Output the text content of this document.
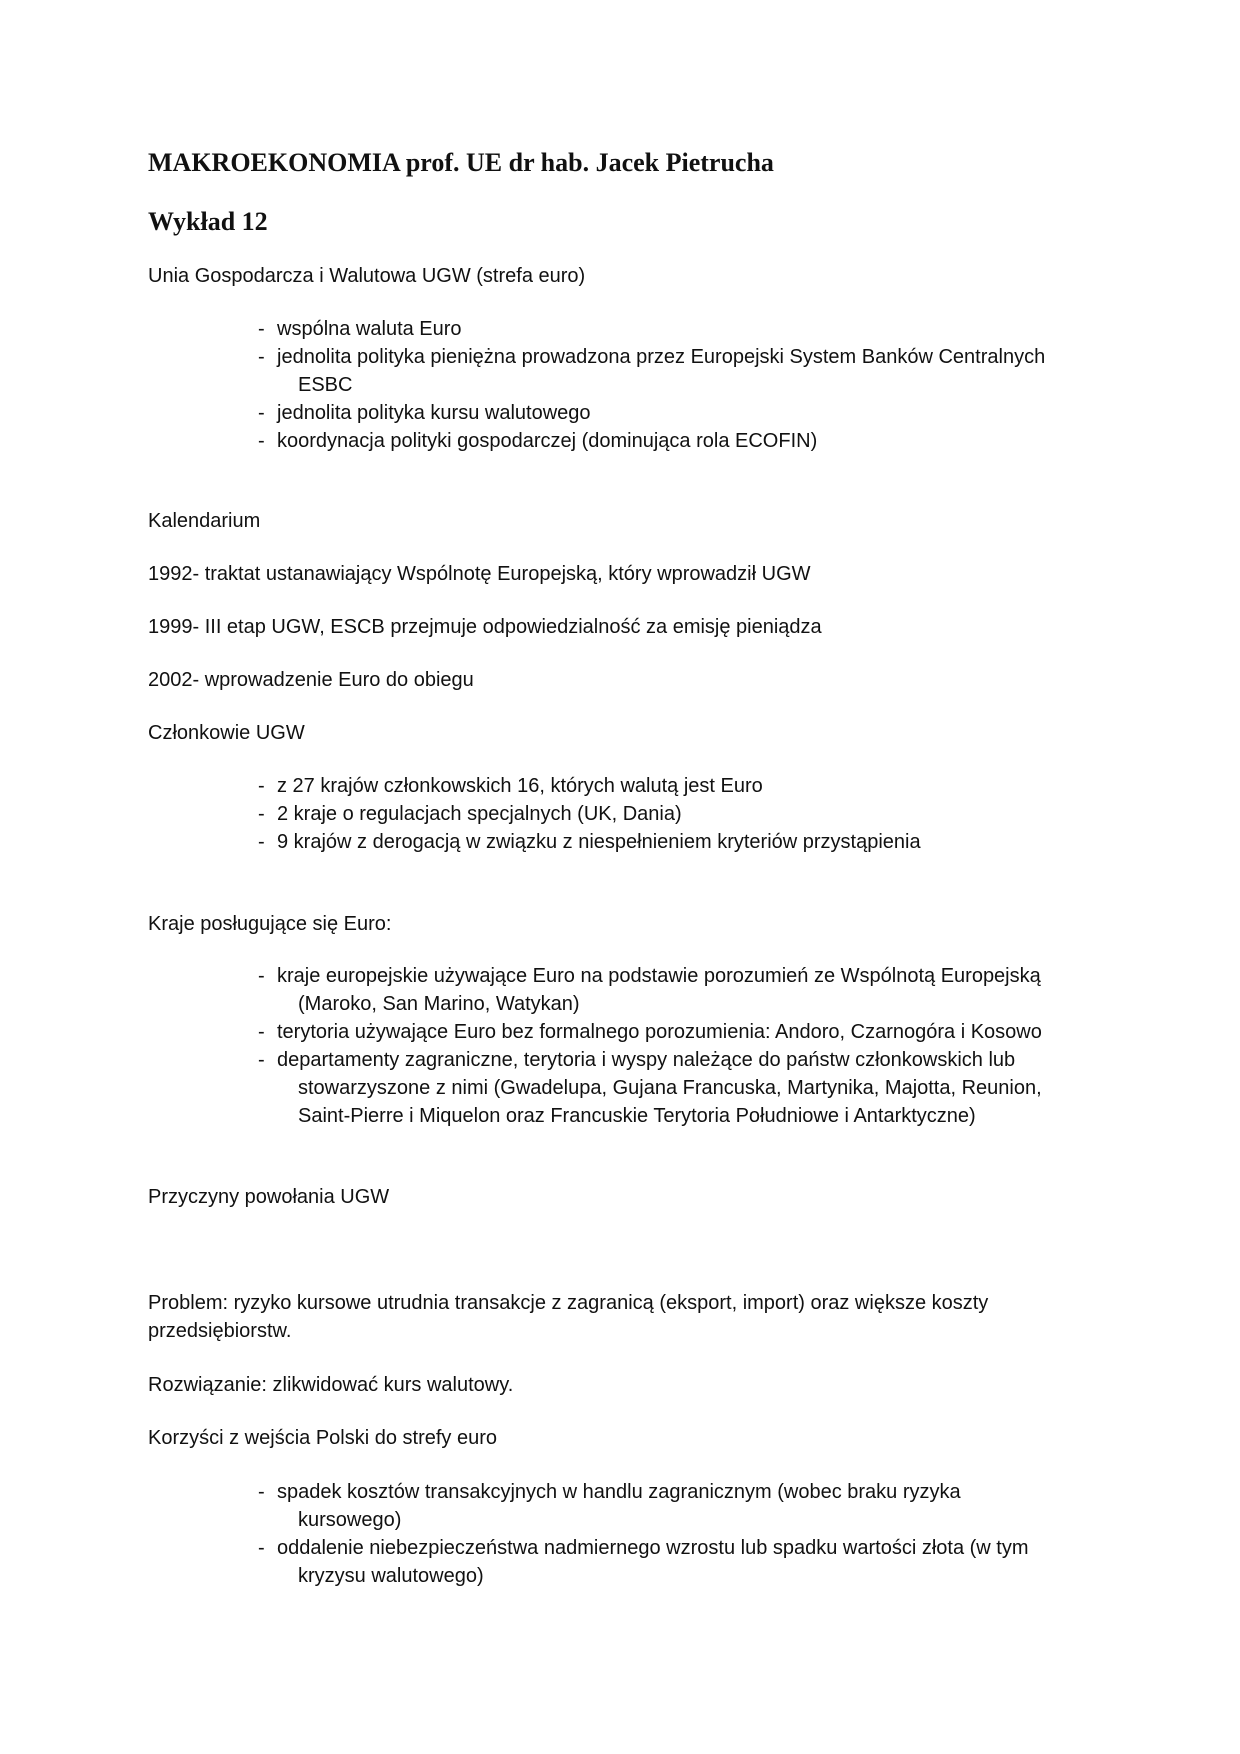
MAKROEKONOMIA prof. UE dr hab. Jacek Pietrucha
Wykład 12

Unia Gospodarcza i Walutowa UGW (strefa euro)

- wspólna waluta Euro
- jednolita polityka pieniężna prowadzona przez Europejski System Banków Centralnych
ESBC
- jednolita polityka kursu walutowego
- koordynacja polityki gospodarczej (dominująca rola ECOFIN)

Kalendarium

1992- traktat ustanawiający Wspólnotę Europejską, który wprowadził UGW

1999- III etap UGW, ESCB przejmuje odpowiedzialność za emisję pieniądza

2002- wprowadzenie Euro do obiegu

Członkowie UGW

- z 27 krajów członkowskich 16, których walutą jest Euro
- 2 kraje o regulacjach specjalnych (UK, Dania)
- 9 krajów z derogacją w związku z niespełnieniem kryteriów przystąpienia

Kraje posługujące się Euro:

- kraje europejskie używające Euro na podstawie porozumień ze Wspólnotą Europejską
(Maroko, San Marino, Watykan)
- terytoria używające Euro bez formalnego porozumienia: Andoro, Czarnogóra i Kosowo
- departamenty zagraniczne, terytoria i wyspy należące do państw członkowskich lub
stowarzyszone z nimi (Gwadelupa, Gujana Francuska, Martynika, Majotta, Reunion,
Saint-Pierre i Miquelon oraz Francuskie Terytoria Południowe i Antarktyczne)

Przyczyny powołania UGW

Problem: ryzyko kursowe utrudnia transakcje z zagranicą (eksport, import) oraz większe koszty

przedsiębiorstw.

Rozwiązanie: zlikwidować kurs walutowy.

Korzyści z wejścia Polski do strefy euro

- spadek kosztów transakcyjnych w handlu zagranicznym (wobec braku ryzyka
kursowego)
- oddalenie niebezpieczeństwa nadmiernego wzrostu lub spadku wartości złota (w tym
kryzysu walutowego)
